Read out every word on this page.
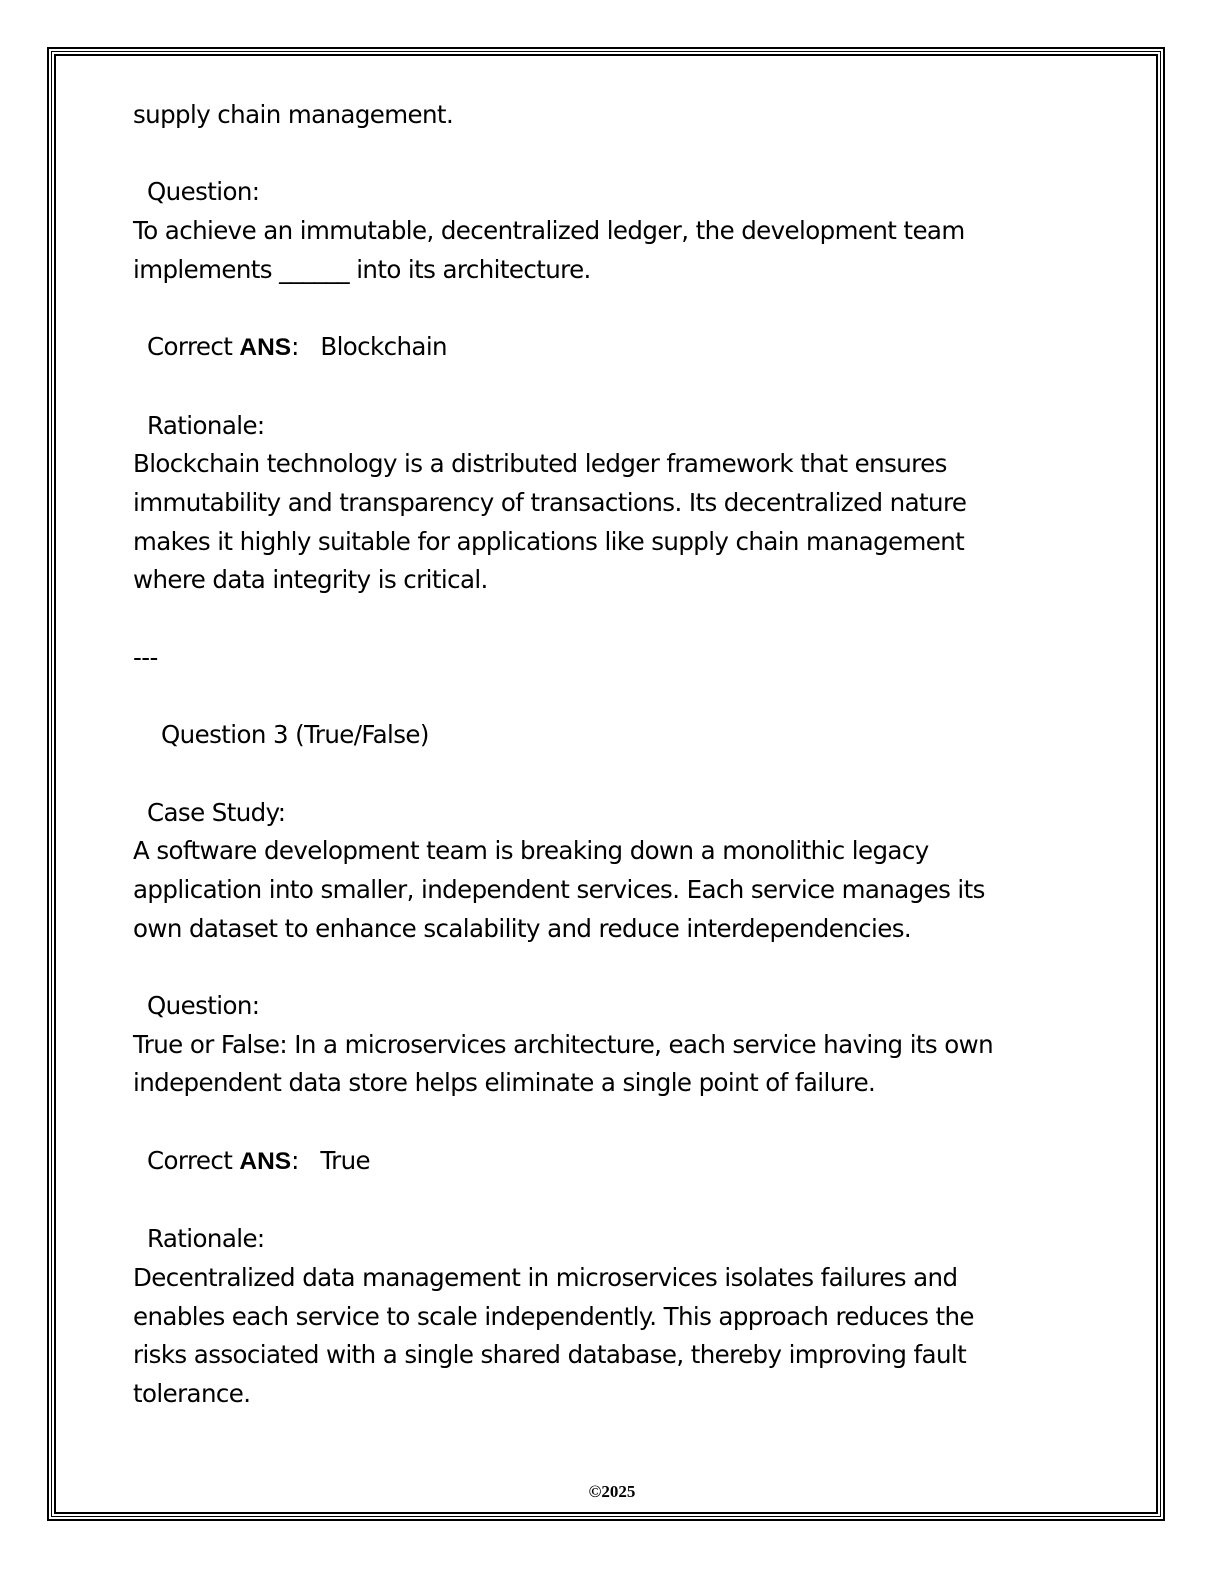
supply chain management.
Question:
To achieve an immutable, decentralized ledger, the development team
implements ______ into its architecture.
Correct ANS:   Blockchain
Rationale:
Blockchain technology is a distributed ledger framework that ensures
immutability and transparency of transactions. Its decentralized nature
makes it highly suitable for applications like supply chain management
where data integrity is critical.
---
Question 3 (True/False)
Case Study:
A software development team is breaking down a monolithic legacy
application into smaller, independent services. Each service manages its
own dataset to enhance scalability and reduce interdependencies.
Question:
True or False: In a microservices architecture, each service having its own
independent data store helps eliminate a single point of failure.
Correct ANS:   True
Rationale:
Decentralized data management in microservices isolates failures and
enables each service to scale independently. This approach reduces the
risks associated with a single shared database, thereby improving fault
tolerance.
©2025
